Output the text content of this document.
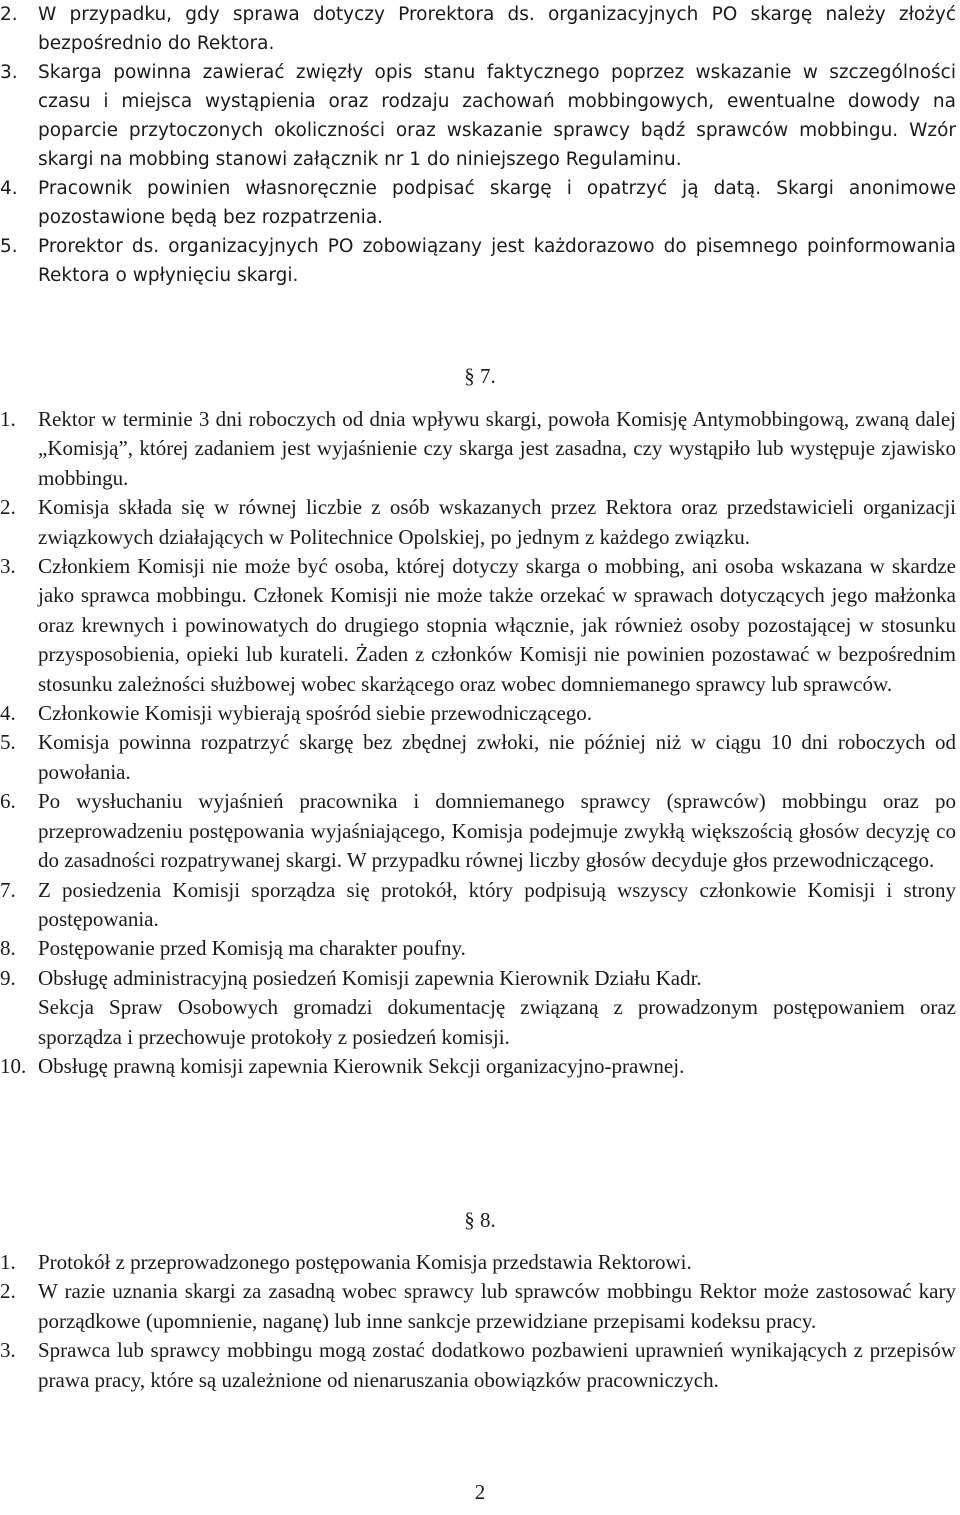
2. W przypadku, gdy sprawa dotyczy Prorektora ds. organizacyjnych PO skargę należy złożyć bezpośrednio do Rektora.

3. Skarga powinna zawierać zwięzły opis stanu faktycznego poprzez wskazanie w szczególności czasu i miejsca wystąpienia oraz rodzaju zachowań mobbingowych, ewentualne dowody na poparcie przytoczonych okoliczności oraz wskazanie sprawcy bądź sprawców mobbingu. Wzór skargi na mobbing stanowi załącznik nr 1 do niniejszego Regulaminu.

4. Pracownik powinien własnoręcznie podpisać skargę i opatrzyć ją datą. Skargi anonimowe pozostawione będą bez rozpatrzenia.

5. Prorektor ds. organizacyjnych PO zobowiązany jest każdorazowo do pisemnego poinformowania Rektora o wpłynięciu skargi.

§ 7.

1. Rektor w terminie 3 dni roboczych od dnia wpływu skargi, powoła Komisję Antymobbingową, zwaną dalej „Komisją”, której zadaniem jest wyjaśnienie czy skarga jest zasadna, czy wystąpiło lub występuje zjawisko mobbingu.

2. Komisja składa się w równej liczbie z osób wskazanych przez Rektora oraz przedstawicieli organizacji związkowych działających w Politechnice Opolskiej, po jednym z każdego związku.

3. Członkiem Komisji nie może być osoba, której dotyczy skarga o mobbing, ani osoba wskazana w skardze jako sprawca mobbingu. Członek Komisji nie może także orzekać w sprawach dotyczących jego małżonka oraz krewnych i powinowatych do drugiego stopnia włącznie, jak również osoby pozostającej w stosunku przysposobienia, opieki lub kurateli. Żaden z członków Komisji nie powinien pozostawać w bezpośrednim stosunku zależności służbowej wobec skarżącego oraz wobec domniemanego sprawcy lub sprawców.

4. Członkowie Komisji wybierają spośród siebie przewodniczącego.

5. Komisja powinna rozpatrzyć skargę bez zbędnej zwłoki, nie później niż w ciągu 10 dni roboczych od powołania.

6. Po wysłuchaniu wyjaśnień pracownika i domniemanego sprawcy (sprawców) mobbingu oraz po przeprowadzeniu postępowania wyjaśniającego, Komisja podejmuje zwykłą większością głosów decyzję co do zasadności rozpatrywanej skargi. W przypadku równej liczby głosów decyduje głos przewodniczącego.

7. Z posiedzenia Komisji sporządza się protokół, który podpisują wszyscy członkowie Komisji i strony postępowania.

8. Postępowanie przed Komisją ma charakter poufny.

9. Obsługę administracyjną posiedzeń Komisji zapewnia Kierownik Działu Kadr.

Sekcja Spraw Osobowych gromadzi dokumentację związaną z prowadzonym postępowaniem oraz sporządza i przechowuje protokoły z posiedzeń komisji.

10. Obsługę prawną komisji zapewnia Kierownik Sekcji organizacyjno-prawnej.

§ 8.

1. Protokół z przeprowadzonego postępowania Komisja przedstawia Rektorowi.

2. W razie uznania skargi za zasadną wobec sprawcy lub sprawców mobbingu Rektor może zastosować kary porządkowe (upomnienie, naganę) lub inne sankcje przewidziane przepisami kodeksu pracy.

3. Sprawca lub sprawcy mobbingu mogą zostać dodatkowo pozbawieni uprawnień wynikających z przepisów prawa pracy, które są uzależnione od nienaruszania obowiązków pracowniczych.

2
